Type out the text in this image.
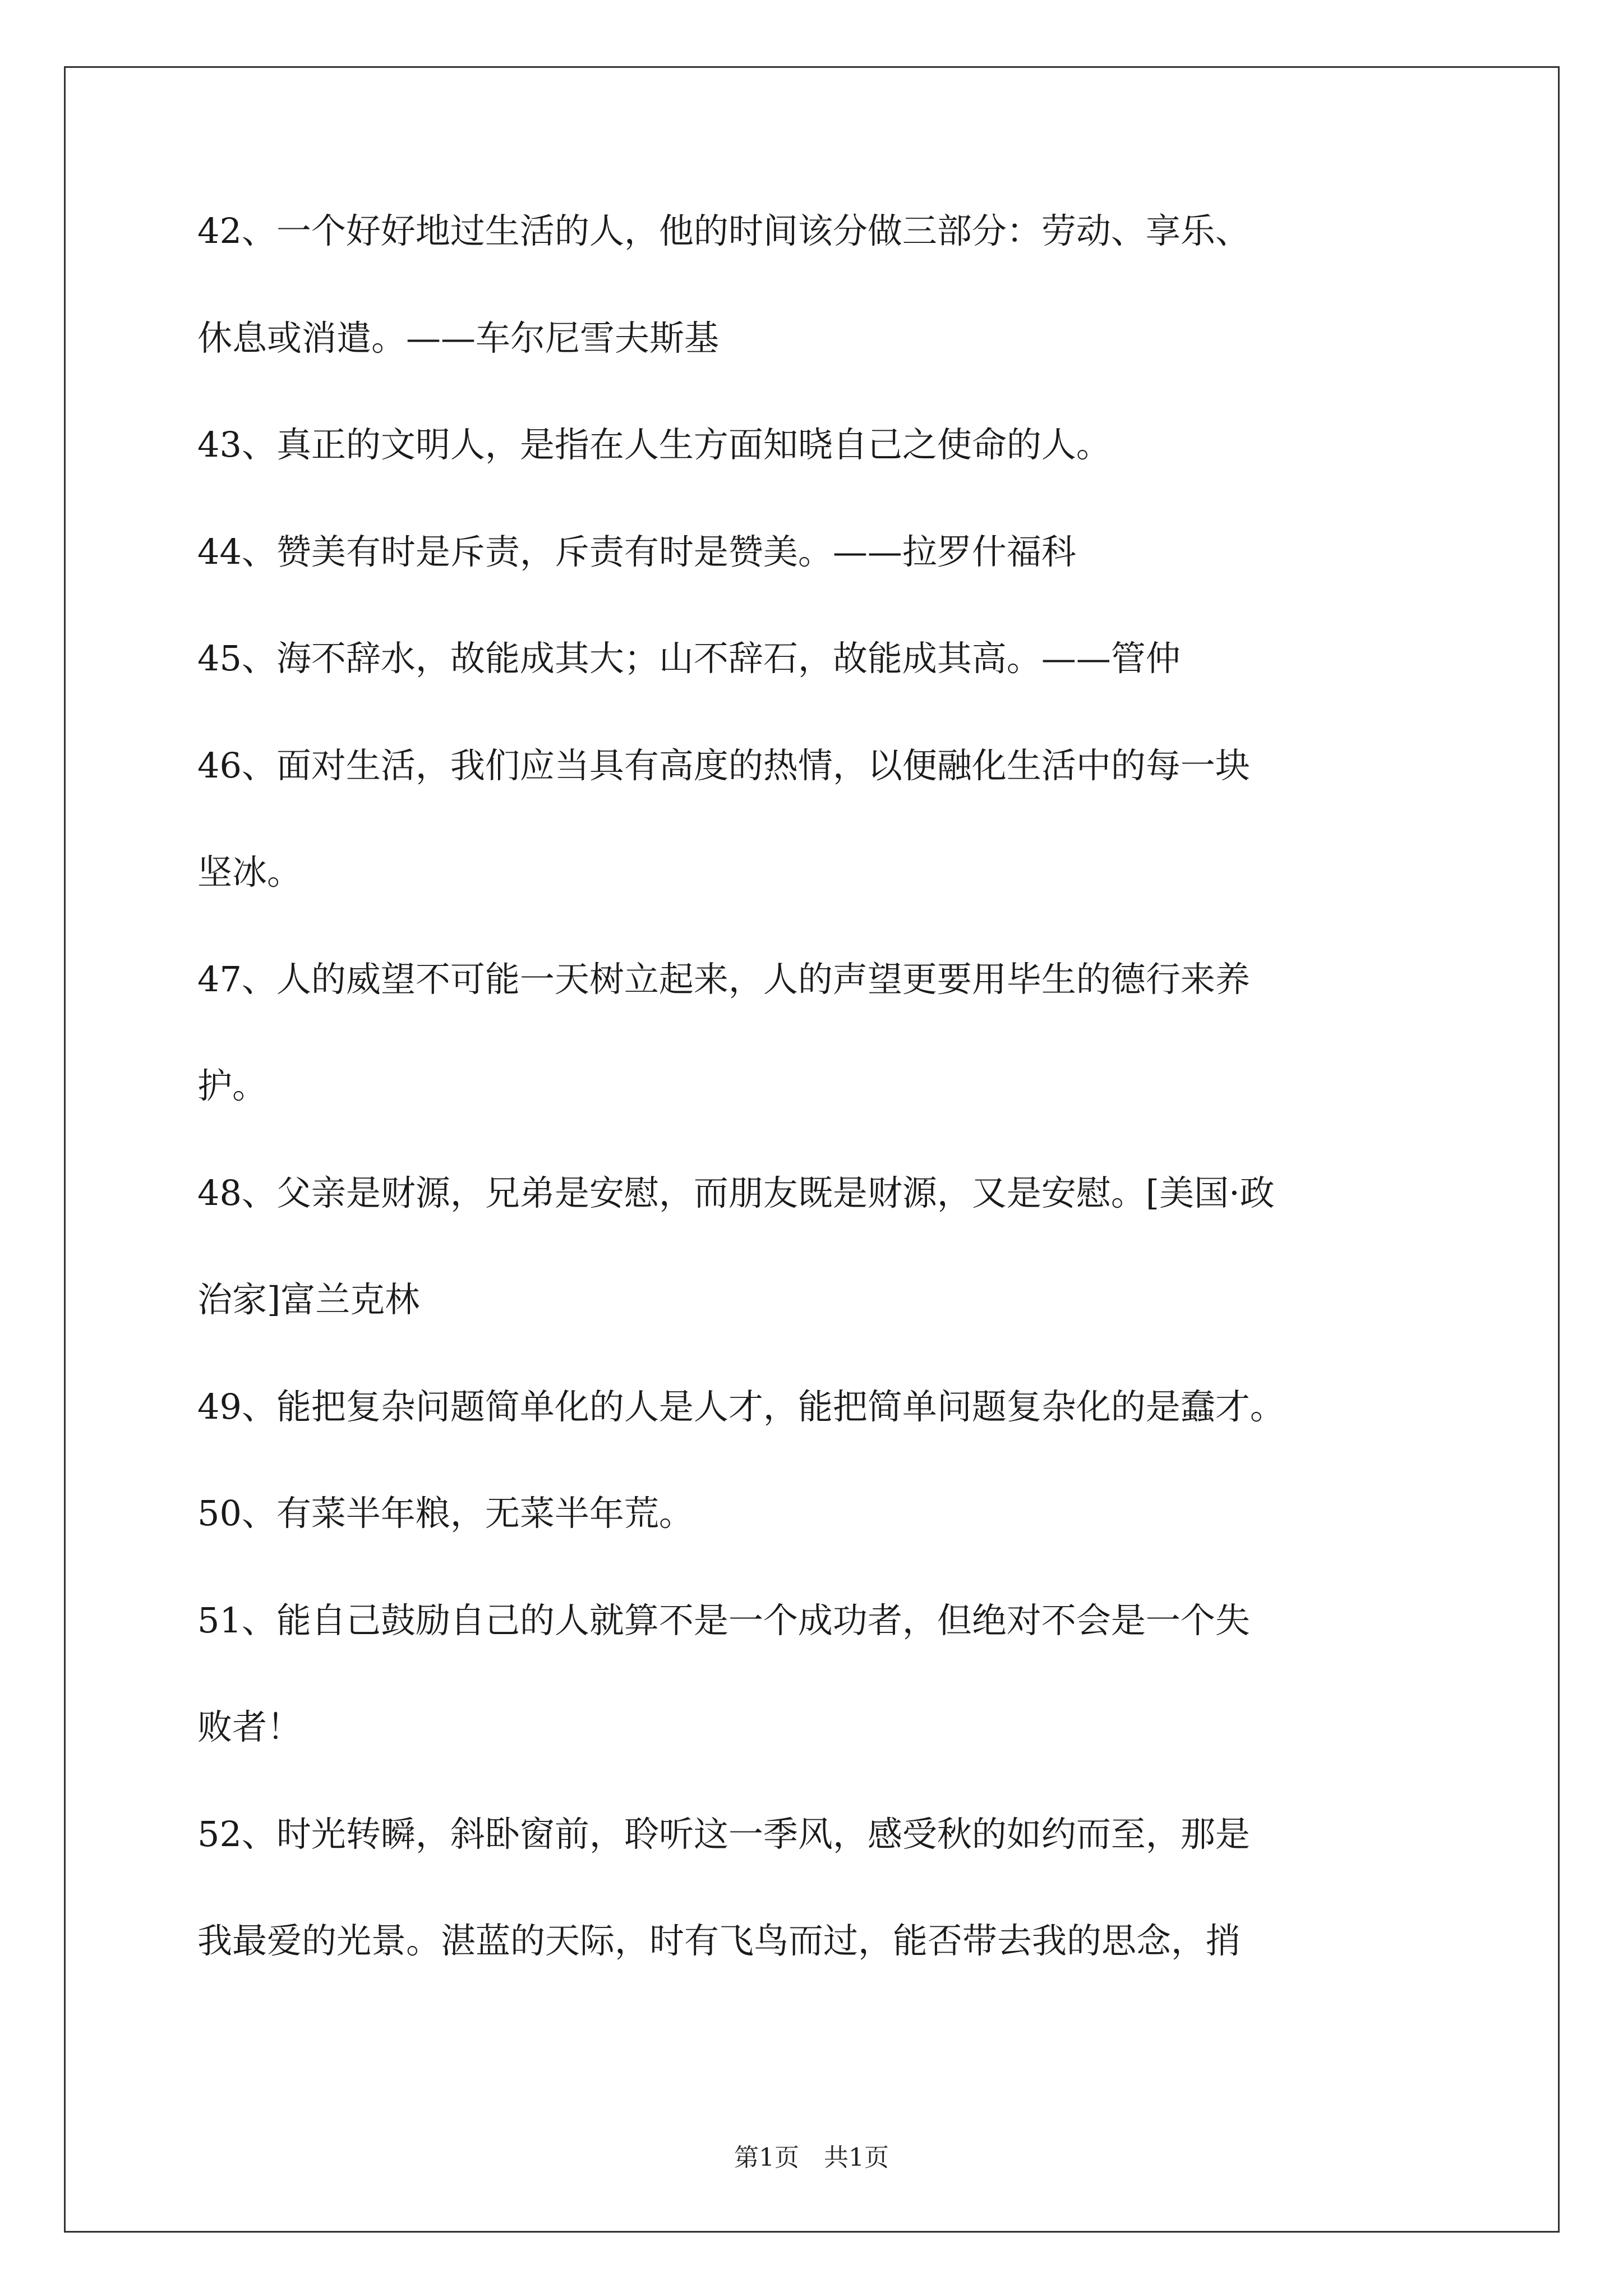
42、一个好好地过生活的人，他的时间该分做三部分：劳动、享乐、
休息或消遣。——车尔尼雪夫斯基
43、真正的文明人，是指在人生方面知晓自己之使命的人。
44、赞美有时是斥责，斥责有时是赞美。——拉罗什福科
45、海不辞水，故能成其大；山不辞石，故能成其高。——管仲
46、面对生活，我们应当具有高度的热情，以便融化生活中的每一块
坚冰。
47、人的威望不可能一天树立起来，人的声望更要用毕生的德行来养
护。
48、父亲是财源，兄弟是安慰，而朋友既是财源，又是安慰。[美国·政
治家]富兰克林
49、能把复杂问题简单化的人是人才，能把简单问题复杂化的是蠢才。
50、有菜半年粮，无菜半年荒。
51、能自己鼓励自己的人就算不是一个成功者，但绝对不会是一个失
败者！
52、时光转瞬，斜卧窗前，聆听这一季风，感受秋的如约而至，那是
我最爱的光景。湛蓝的天际，时有飞鸟而过，能否带去我的思念，捎
第1页　共1页
